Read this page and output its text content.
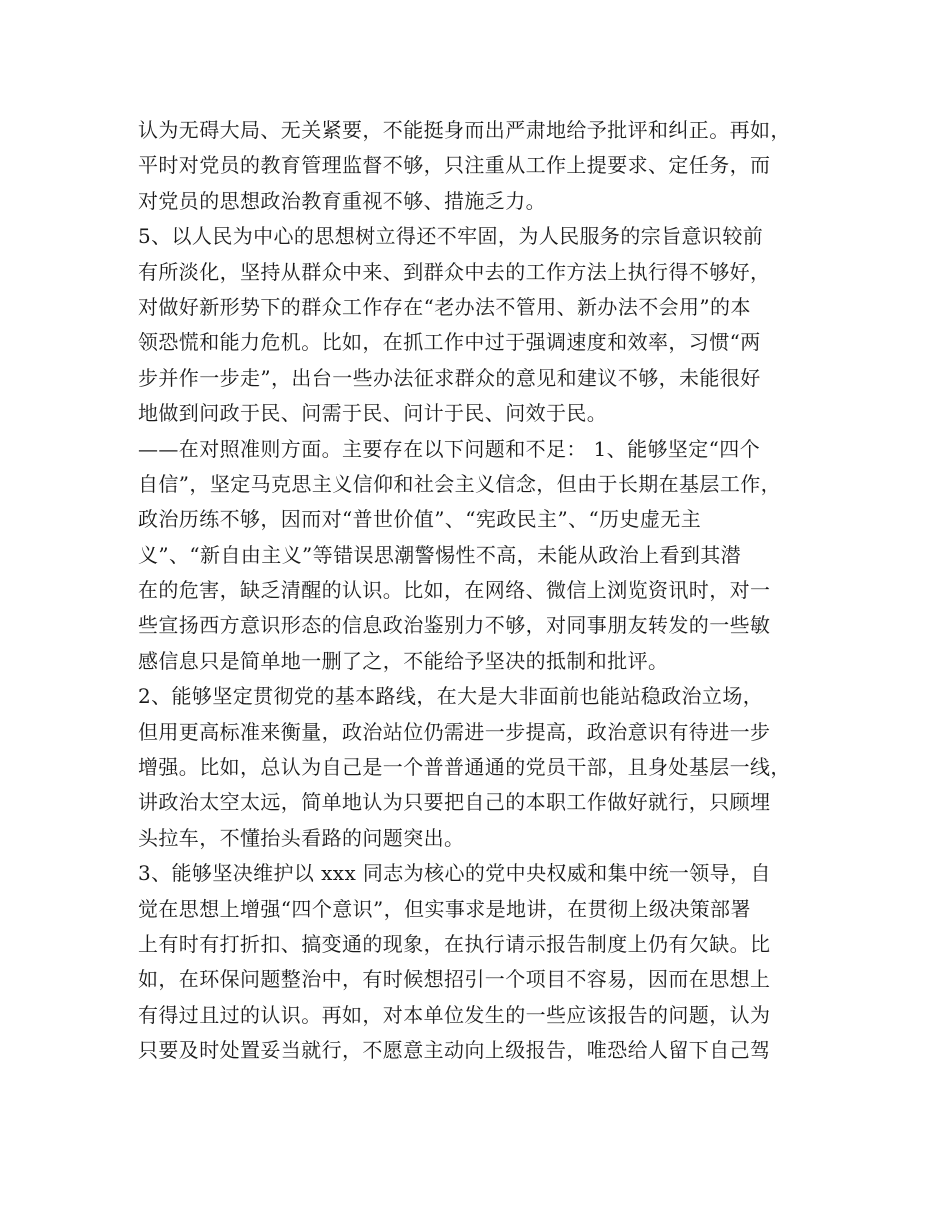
认为无碍大局、无关紧要，不能挺身而出严肃地给予批评和纠正。再如，
平时对党员的教育管理监督不够，只注重从工作上提要求、定任务，而
对党员的思想政治教育重视不够、措施乏力。
5、以人民为中心的思想树立得还不牢固，为人民服务的宗旨意识较前
有所淡化，坚持从群众中来、到群众中去的工作方法上执行得不够好，
对做好新形势下的群众工作存在“老办法不管用、新办法不会用”的本
领恐慌和能力危机。比如，在抓工作中过于强调速度和效率，习惯“两
步并作一步走”，出台一些办法征求群众的意见和建议不够，未能很好
地做到问政于民、问需于民、问计于民、问效于民。
——在对照准则方面。主要存在以下问题和不足： 1、能够坚定“四个
自信”，坚定马克思主义信仰和社会主义信念，但由于长期在基层工作，
政治历练不够，因而对“普世价值”、“宪政民主”、“历史虚无主
义”、“新自由主义”等错误思潮警惕性不高，未能从政治上看到其潜
在的危害，缺乏清醒的认识。比如，在网络、微信上浏览资讯时，对一
些宣扬西方意识形态的信息政治鉴别力不够，对同事朋友转发的一些敏
感信息只是简单地一删了之，不能给予坚决的抵制和批评。
2、能够坚定贯彻党的基本路线，在大是大非面前也能站稳政治立场，
但用更高标准来衡量，政治站位仍需进一步提高，政治意识有待进一步
增强。比如，总认为自己是一个普普通通的党员干部，且身处基层一线，
讲政治太空太远，简单地认为只要把自己的本职工作做好就行，只顾埋
头拉车，不懂抬头看路的问题突出。
3、能够坚决维护以 xxx 同志为核心的党中央权威和集中统一领导，自
觉在思想上增强“四个意识”，但实事求是地讲，在贯彻上级决策部署
上有时有打折扣、搞变通的现象，在执行请示报告制度上仍有欠缺。比
如，在环保问题整治中，有时候想招引一个项目不容易，因而在思想上
有得过且过的认识。再如，对本单位发生的一些应该报告的问题，认为
只要及时处置妥当就行，不愿意主动向上级报告，唯恐给人留下自己驾
